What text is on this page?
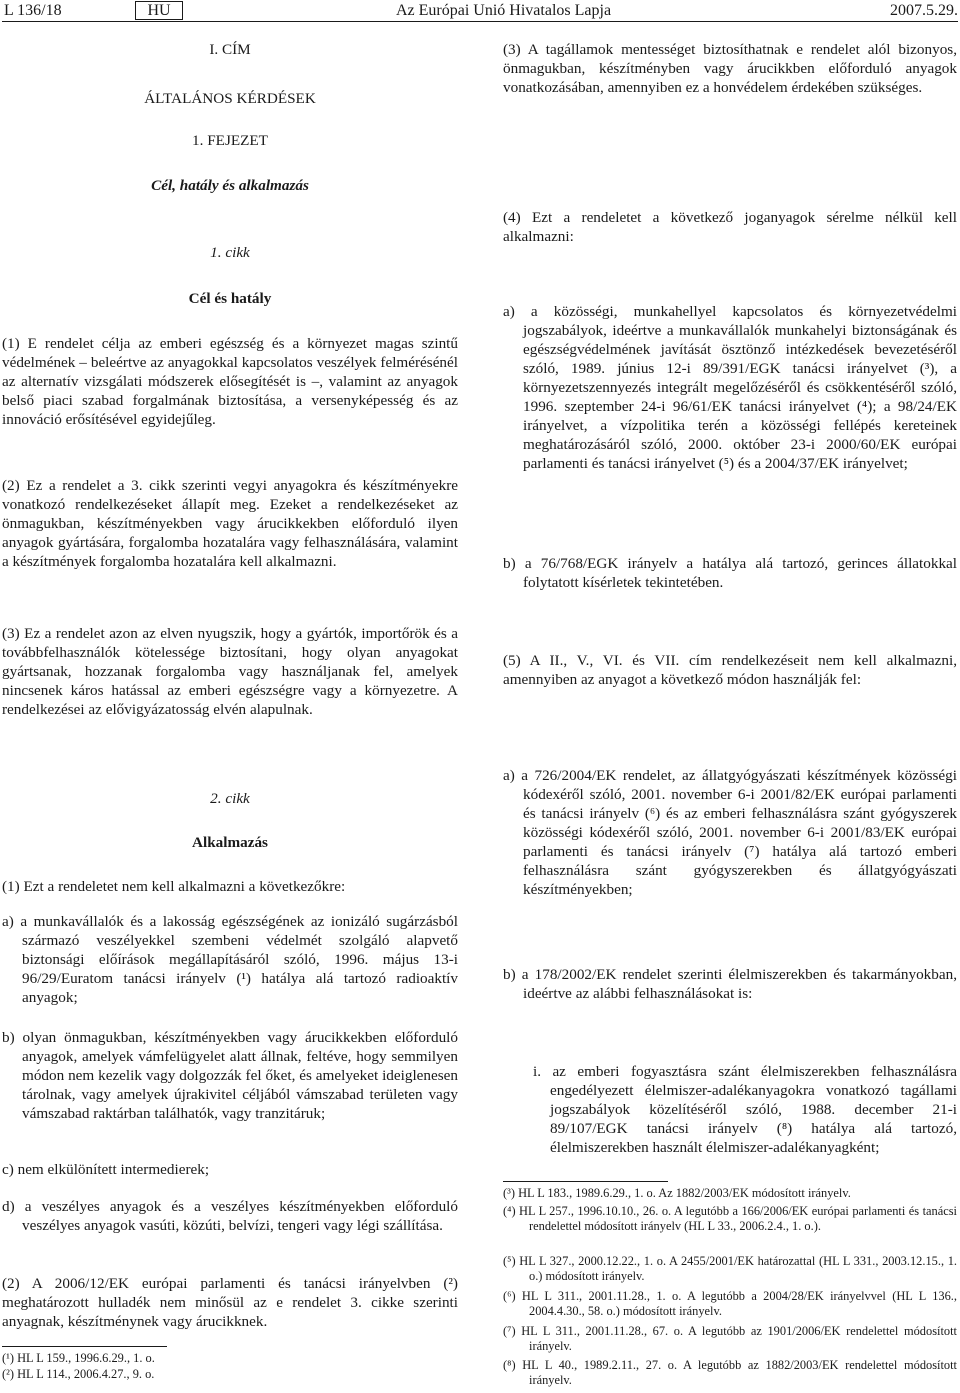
L 136/18	HU	Az Európai Unió Hivatalos Lapja	2007.5.29.
I. CÍM
ÁLTALÁNOS KÉRDÉSEK
1. FEJEZET
Cél, hatály és alkalmazás
1. cikk
Cél és hatály
(1) E rendelet célja az emberi egészség és a környezet magas szintű védelmének – beleértve az anyagokkal kapcsolatos veszélyek felmérésénél az alternatív vizsgálati módszerek elősegítését is –, valamint az anyagok belső piaci szabad forgalmának biztosítása, a versenyképesség és az innováció erősítésével egyidejűleg.
(2) Ez a rendelet a 3. cikk szerinti vegyi anyagokra és készítményekre vonatkozó rendelkezéseket állapít meg. Ezeket a rendelkezéseket az önmagukban, készítményekben vagy árucikkekben előforduló ilyen anyagok gyártására, forgalomba hozatalára vagy felhasználására, valamint a készítmények forgalomba hozatalára kell alkalmazni.
(3) Ez a rendelet azon az elven nyugszik, hogy a gyártók, importőrök és a továbbfelhasználók kötelessége biztosítani, hogy olyan anyagokat gyártsanak, hozzanak forgalomba vagy használjanak fel, amelyek nincsenek káros hatással az emberi egészségre vagy a környezetre. A rendelkezései az elővigyázatosság elvén alapulnak.
2. cikk
Alkalmazás
(1) Ezt a rendeletet nem kell alkalmazni a következőkre:
a) a munkavállalók és a lakosság egészségének az ionizáló sugárzásból származó veszélyekkel szembeni védelmét szolgáló alapvető biztonsági előírások megállapításáról szóló, 1996. május 13-i 96/29/Euratom tanácsi irányelv (¹) hatálya alá tartozó radioaktív anyagok;
b) olyan önmagukban, készítményekben vagy árucikkekben előforduló anyagok, amelyek vámfelügyelet alatt állnak, feltéve, hogy semmilyen módon nem kezelik vagy dolgozzák fel őket, és amelyeket ideiglenesen tárolnak, vagy amelyek újrakivitel céljából vámszabad területen vagy vámszabad raktárban találhatók, vagy tranzitáruk;
c) nem elkülönített intermedierek;
d) a veszélyes anyagok és a veszélyes készítményekben előforduló veszélyes anyagok vasúti, közúti, belvízi, tengeri vagy légi szállítása.
(2) A 2006/12/EK európai parlamenti és tanácsi irányelvben (²) meghatározott hulladék nem minősül az e rendelet 3. cikke szerinti anyagnak, készítménynek vagy árucikknek.
(¹) HL L 159., 1996.6.29., 1. o.
(²) HL L 114., 2006.4.27., 9. o.
(3) A tagállamok mentességet biztosíthatnak e rendelet alól bizonyos, önmagukban, készítményben vagy árucikkben előforduló anyagok vonatkozásában, amennyiben ez a honvédelem érdekében szükséges.
(4) Ezt a rendeletet a következő joganyagok sérelme nélkül kell alkalmazni:
a) a közösségi, munkahellyel kapcsolatos és környezetvédelmi jogszabályok, ideértve a munkavállalók munkahelyi biztonságának és egészségvédelmének javítását ösztönző intézkedések bevezetéséről szóló, 1989. június 12-i 89/391/EGK tanácsi irányelvet (³), a környezetszennyezés integrált megelőzéséről és csökkentéséről szóló, 1996. szeptember 24-i 96/61/EK tanácsi irányelvet (⁴); a 98/24/EK irányelvet, a vízpolitika terén a közösségi fellépés kereteinek meghatározásáról szóló, 2000. október 23-i 2000/60/EK európai parlamenti és tanácsi irányelvet (⁵) és a 2004/37/EK irányelvet;
b) a 76/768/EGK irányelv a hatálya alá tartozó, gerinces állatokkal folytatott kísérletek tekintetében.
(5) A II., V., VI. és VII. cím rendelkezéseit nem kell alkalmazni, amennyiben az anyagot a következő módon használják fel:
a) a 726/2004/EK rendelet, az állatgyógyászati készítmények közösségi kódexéről szóló, 2001. november 6-i 2001/82/EK európai parlamenti és tanácsi irányelv (⁶) és az emberi felhasználásra szánt gyógyszerek közösségi kódexéről szóló, 2001. november 6-i 2001/83/EK európai parlamenti és tanácsi irányelv (⁷) hatálya alá tartozó emberi felhasználásra szánt gyógyszerekben és állatgyógyászati készítményekben;
b) a 178/2002/EK rendelet szerinti élelmiszerekben és takarmányokban, ideértve az alábbi felhasználásokat is:
i. az emberi fogyasztásra szánt élelmiszerekben felhasználásra engedélyezett élelmiszer-adalékanyagokra vonatkozó tagállami jogszabályok közelítéséről szóló, 1988. december 21-i 89/107/EGK tanácsi irányelv (⁸) hatálya alá tartozó, élelmiszerekben használt élelmiszer-adalékanyagként;
(³) HL L 183., 1989.6.29., 1. o. Az 1882/2003/EK módosított irányelv.
(⁴) HL L 257., 1996.10.10., 26. o. A legutóbb a 166/2006/EK európai parlamenti és tanácsi rendelettel módosított irányelv (HL L 33., 2006.2.4., 1. o.).
(⁵) HL L 327., 2000.12.22., 1. o. A 2455/2001/EK határozattal (HL L 331., 2003.12.15., 1. o.) módosított irányelv.
(⁶) HL L 311., 2001.11.28., 1. o. A legutóbb a 2004/28/EK irányelvvel (HL L 136., 2004.4.30., 58. o.) módosított irányelv.
(⁷) HL L 311., 2001.11.28., 67. o. A legutóbb az 1901/2006/EK rendelettel módosított irányelv.
(⁸) HL L 40., 1989.2.11., 27. o. A legutóbb az 1882/2003/EK rendelettel módosított irányelv.
